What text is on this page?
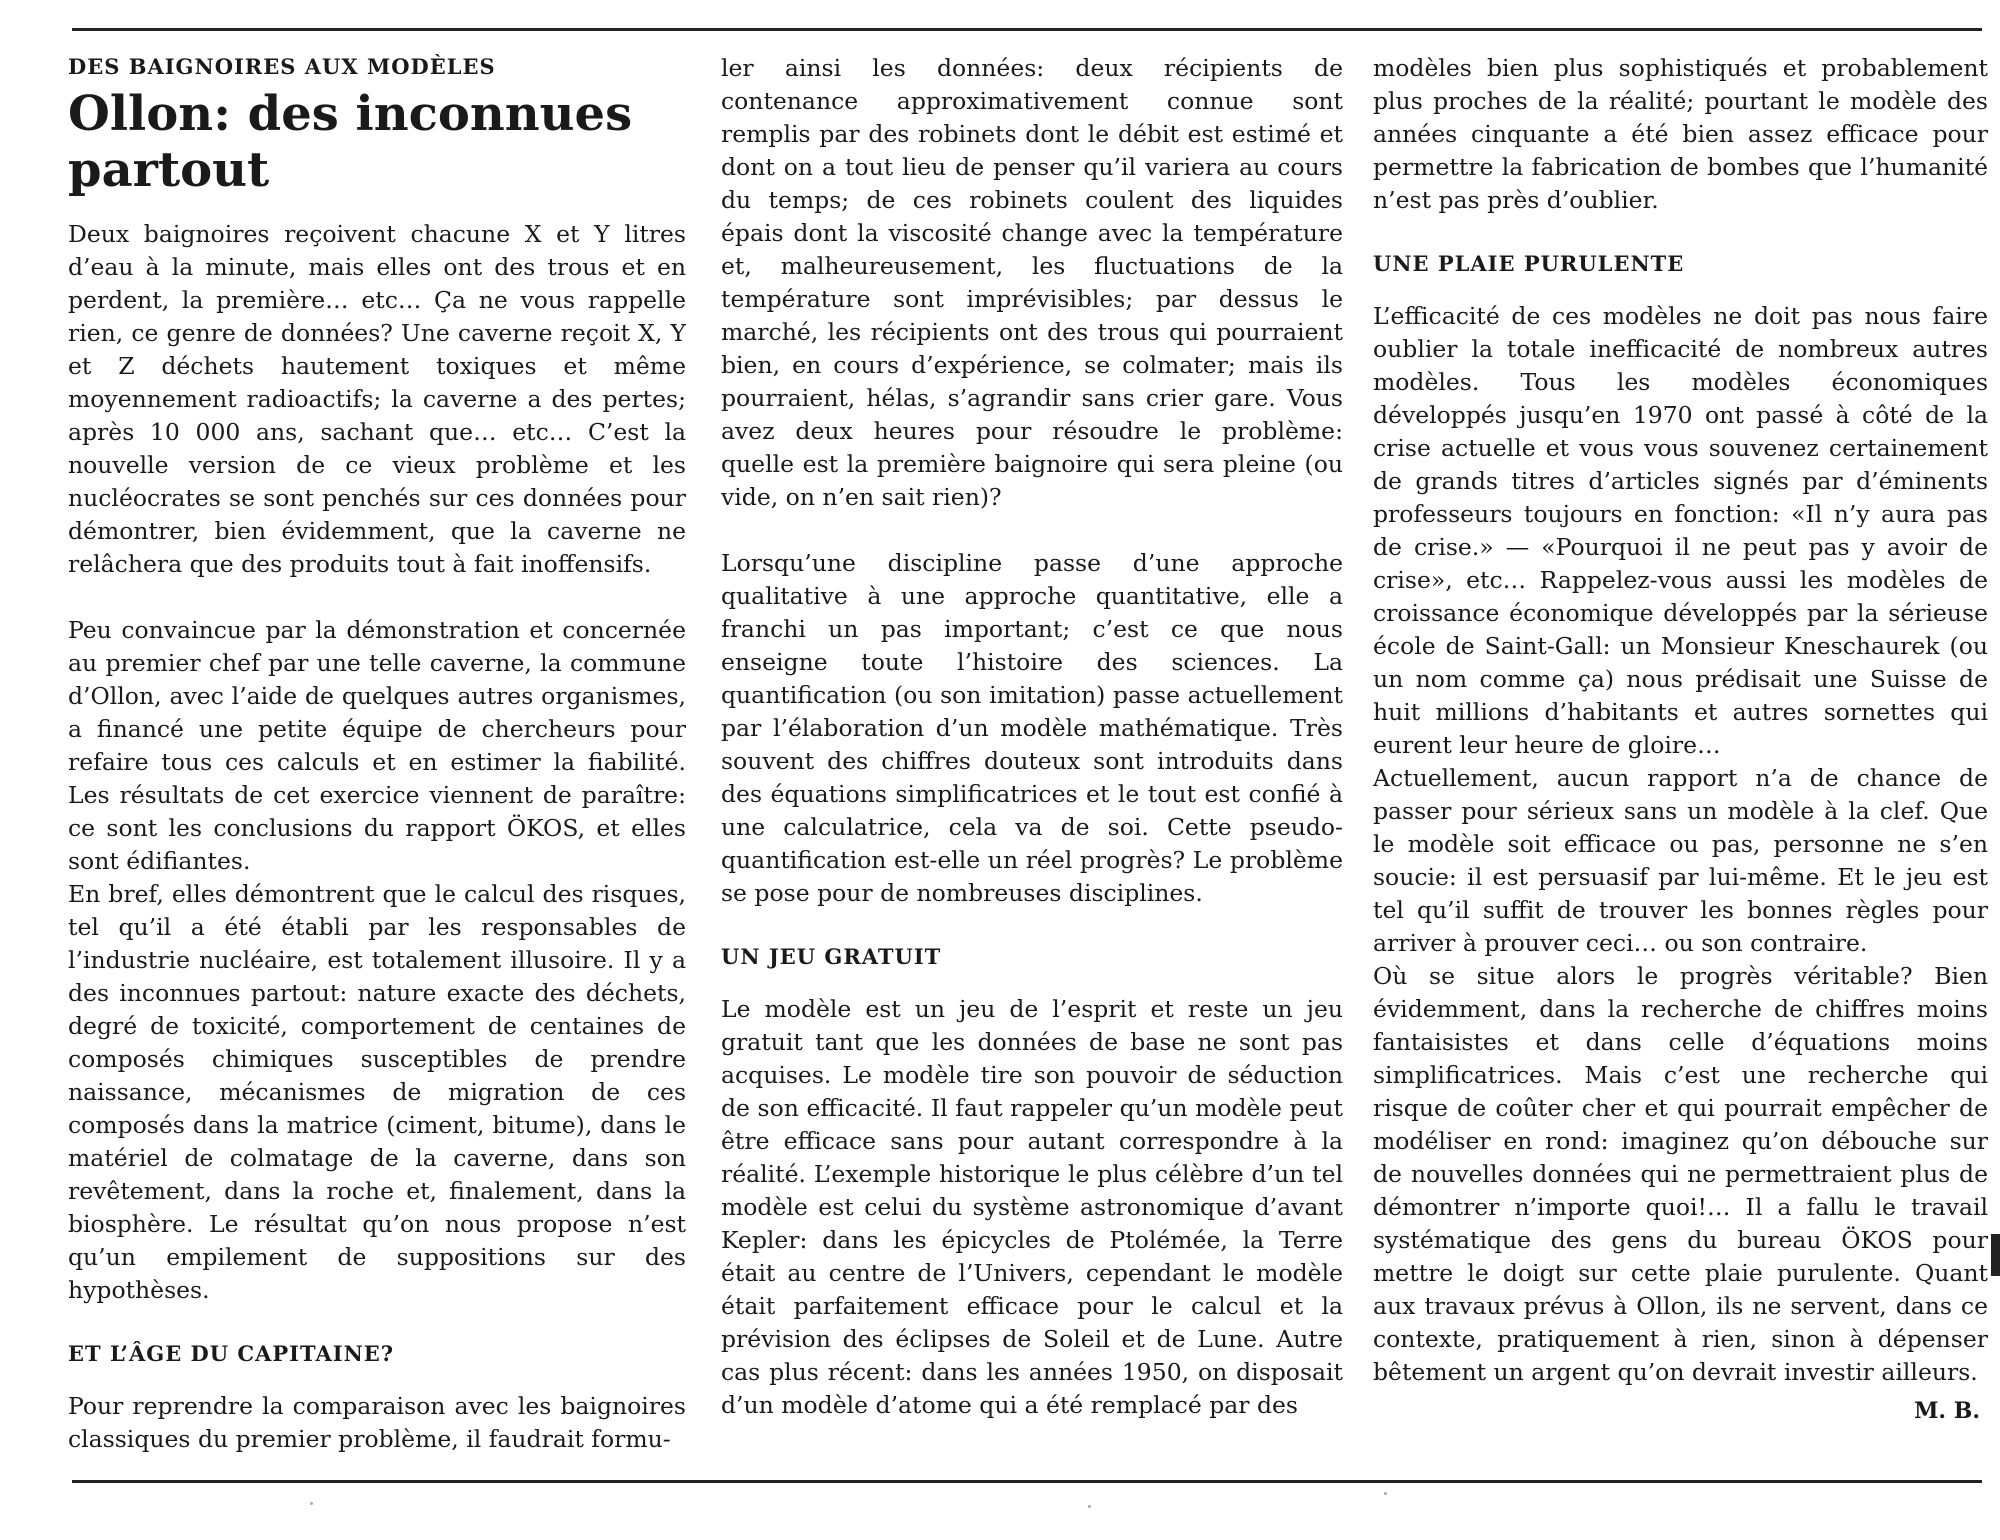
DES BAIGNOIRES AUX MODÈLES
Ollon: des inconnues partout

Deux baignoires reçoivent chacune X et Y litres d’eau à la minute, mais elles ont des trous et en perdent, la première… etc… Ça ne vous rappelle rien, ce genre de données? Une caverne reçoit X, Y et Z déchets hautement toxiques et même moyennement radioactifs; la caverne a des pertes; après 10 000 ans, sachant que… etc… C’est la nouvelle version de ce vieux problème et les nucléocrates se sont penchés sur ces données pour démontrer, bien évidemment, que la caverne ne relâchera que des produits tout à fait inoffensifs.

Peu convaincue par la démonstration et concernée au premier chef par une telle caverne, la commune d’Ollon, avec l’aide de quelques autres organismes, a financé une petite équipe de chercheurs pour refaire tous ces calculs et en estimer la fiabilité. Les résultats de cet exercice viennent de paraître: ce sont les conclusions du rapport ÖKOS, et elles sont édifiantes.

En bref, elles démontrent que le calcul des risques, tel qu’il a été établi par les responsables de l’industrie nucléaire, est totalement illusoire. Il y a des inconnues partout: nature exacte des déchets, degré de toxicité, comportement de centaines de composés chimiques susceptibles de prendre naissance, mécanismes de migration de ces composés dans la matrice (ciment, bitume), dans le matériel de colmatage de la caverne, dans son revêtement, dans la roche et, finalement, dans la biosphère. Le résultat qu’on nous propose n’est qu’un empilement de suppositions sur des hypothèses.

ET L’ÂGE DU CAPITAINE?

Pour reprendre la comparaison avec les baignoires classiques du premier problème, il faudrait formu-

ler ainsi les données: deux récipients de contenance approximativement connue sont remplis par des robinets dont le débit est estimé et dont on a tout lieu de penser qu’il variera au cours du temps; de ces robinets coulent des liquides épais dont la viscosité change avec la température et, malheureusement, les fluctuations de la température sont imprévisibles; par dessus le marché, les récipients ont des trous qui pourraient bien, en cours d’expérience, se colmater; mais ils pourraient, hélas, s’agrandir sans crier gare. Vous avez deux heures pour résoudre le problème: quelle est la première baignoire qui sera pleine (ou vide, on n’en sait rien)?

Lorsqu’une discipline passe d’une approche qualitative à une approche quantitative, elle a franchi un pas important; c’est ce que nous enseigne toute l’histoire des sciences. La quantification (ou son imitation) passe actuellement par l’élaboration d’un modèle mathématique. Très souvent des chiffres douteux sont introduits dans des équations simplificatrices et le tout est confié à une calculatrice, cela va de soi. Cette pseudo-quantification est-elle un réel progrès? Le problème se pose pour de nombreuses disciplines.

UN JEU GRATUIT

Le modèle est un jeu de l’esprit et reste un jeu gratuit tant que les données de base ne sont pas acquises. Le modèle tire son pouvoir de séduction de son efficacité. Il faut rappeler qu’un modèle peut être efficace sans pour autant correspondre à la réalité. L’exemple historique le plus célèbre d’un tel modèle est celui du système astronomique d’avant Kepler: dans les épicycles de Ptolémée, la Terre était au centre de l’Univers, cependant le modèle était parfaitement efficace pour le calcul et la prévision des éclipses de Soleil et de Lune. Autre cas plus récent: dans les années 1950, on disposait d’un modèle d’atome qui a été remplacé par des

modèles bien plus sophistiqués et probablement plus proches de la réalité; pourtant le modèle des années cinquante a été bien assez efficace pour permettre la fabrication de bombes que l’humanité n’est pas près d’oublier.

UNE PLAIE PURULENTE

L’efficacité de ces modèles ne doit pas nous faire oublier la totale inefficacité de nombreux autres modèles. Tous les modèles économiques développés jusqu’en 1970 ont passé à côté de la crise actuelle et vous vous souvenez certainement de grands titres d’articles signés par d’éminents professeurs toujours en fonction: «Il n’y aura pas de crise.» — «Pourquoi il ne peut pas y avoir de crise», etc… Rappelez-vous aussi les modèles de croissance économique développés par la sérieuse école de Saint-Gall: un Monsieur Kneschaurek (ou un nom comme ça) nous prédisait une Suisse de huit millions d’habitants et autres sornettes qui eurent leur heure de gloire…

Actuellement, aucun rapport n’a de chance de passer pour sérieux sans un modèle à la clef. Que le modèle soit efficace ou pas, personne ne s’en soucie: il est persuasif par lui-même. Et le jeu est tel qu’il suffit de trouver les bonnes règles pour arriver à prouver ceci… ou son contraire.

Où se situe alors le progrès véritable? Bien évidemment, dans la recherche de chiffres moins fantaisistes et dans celle d’équations moins simplificatrices. Mais c’est une recherche qui risque de coûter cher et qui pourrait empêcher de modéliser en rond: imaginez qu’on débouche sur de nouvelles données qui ne permettraient plus de démontrer n’importe quoi!… Il a fallu le travail systématique des gens du bureau ÖKOS pour mettre le doigt sur cette plaie purulente. Quant aux travaux prévus à Ollon, ils ne servent, dans ce contexte, pratiquement à rien, sinon à dépenser bêtement un argent qu’on devrait investir ailleurs.

M. B.
